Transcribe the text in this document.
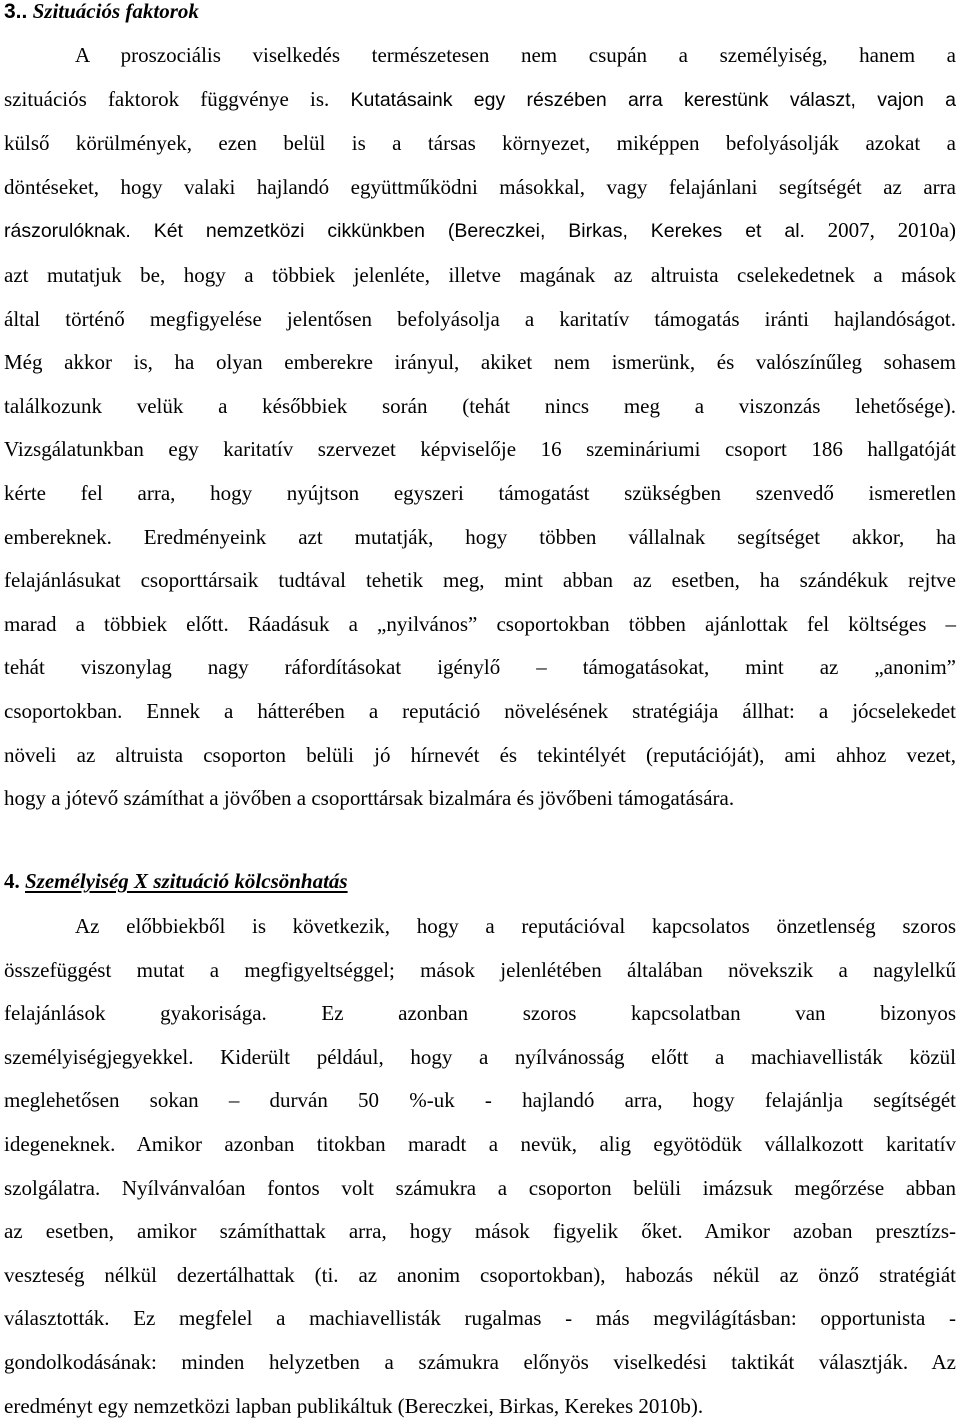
3.. Szituációs faktorok
A proszociális viselkedés természetesen nem csupán a személyiség, hanem a
szituációs faktorok függvénye is. Kutatásaink egy részében arra kerestünk választ, vajon a
külső körülmények, ezen belül is a társas környezet, miképpen befolyásolják azokat a
döntéseket, hogy valaki hajlandó együttműködni másokkal, vagy felajánlani segítségét az arra
rászorulóknak. Két nemzetközi cikkünkben (Bereczkei, Birkas, Kerekes et al. 2007, 2010a)
azt mutatjuk be, hogy a többiek jelenléte, illetve magának az altruista cselekedetnek a mások
által történő megfigyelése jelentősen befolyásolja a karitatív támogatás iránti hajlandóságot.
Még akkor is, ha olyan emberekre irányul, akiket nem ismerünk, és valószínűleg sohasem
találkozunk velük a későbbiek során (tehát nincs meg a viszonzás lehetősége).
Vizsgálatunkban egy karitatív szervezet képviselője 16 szemináriumi csoport 186 hallgatóját
kérte fel arra, hogy nyújtson egyszeri támogatást szükségben szenvedő ismeretlen
embereknek. Eredményeink azt mutatják, hogy többen vállalnak segítséget akkor, ha
felajánlásukat csoporttársaik tudtával tehetik meg, mint abban az esetben, ha szándékuk rejtve
marad a többiek előtt. Ráadásuk a „nyilvános” csoportokban többen ajánlottak fel költséges –
tehát viszonylag nagy ráfordításokat igénylő – támogatásokat, mint az „anonim”
csoportokban. Ennek a hátterében a reputáció növelésének stratégiája állhat: a jócselekedet
növeli az altruista csoporton belüli jó hírnevét és tekintélyét (reputációját), ami ahhoz vezet,
hogy a jótevő számíthat a jövőben a csoporttársak bizalmára és jövőbeni támogatására.
4. Személyiség X szituáció kölcsönhatás
Az előbbiekből is következik, hogy a reputációval kapcsolatos önzetlenség szoros
összefüggést mutat a megfigyeltséggel; mások jelenlétében általában növekszik a nagylelkű
felajánlások gyakorisága. Ez azonban szoros kapcsolatban van bizonyos
személyiségjegyekkel. Kiderült például, hogy a nyílvánosság előtt a machiavellisták közül
meglehetősen sokan – durván 50 %-uk - hajlandó arra, hogy felajánlja segítségét
idegeneknek. Amikor azonban titokban maradt a nevük, alig egyötödük vállalkozott karitatív
szolgálatra. Nyílvánvalóan fontos volt számukra a csoporton belüli imázsuk megőrzése abban
az esetben, amikor számíthattak arra, hogy mások figyelik őket. Amikor azoban presztízs-
veszteség nélkül dezertálhattak (ti. az anonim csoportokban), habozás nékül az önző stratégiát
választották. Ez megfelel a machiavellisták rugalmas - más megvilágításban: opportunista -
gondolkodásának: minden helyzetben a számukra előnyös viselkedési taktikát választják. Az
eredményt egy nemzetközi lapban publikáltuk (Bereczkei, Birkas, Kerekes 2010b).
